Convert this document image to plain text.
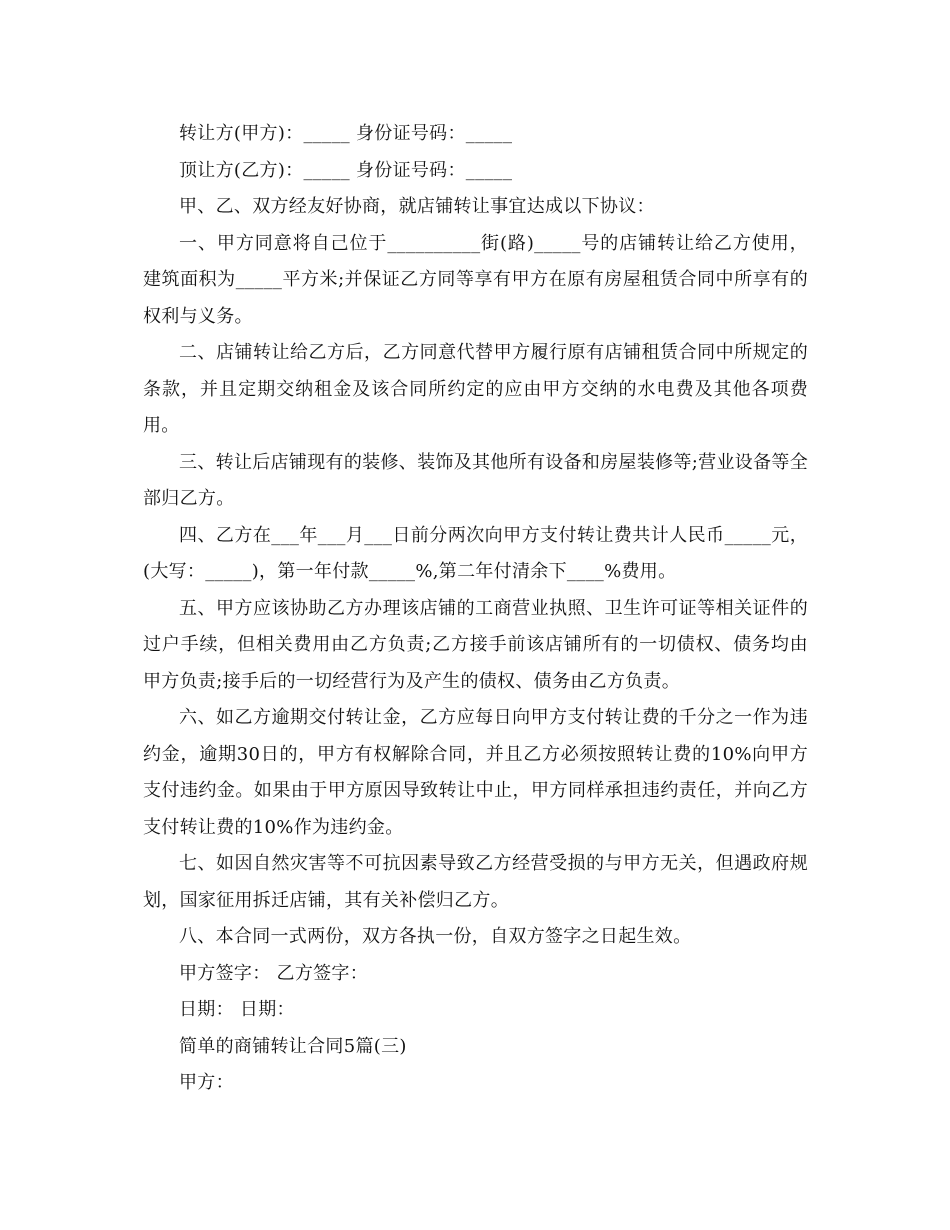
转让方(甲方)：_____ 身份证号码：_____

顶让方(乙方)：_____ 身份证号码：_____

甲、乙、双方经友好协商，就店铺转让事宜达成以下协议：

一、甲方同意将自己位于__________街(路)_____号的店铺转让给乙方使用，建筑面积为_____平方米;并保证乙方同等享有甲方在原有房屋租赁合同中所享有的权利与义务。

二、店铺转让给乙方后，乙方同意代替甲方履行原有店铺租赁合同中所规定的条款，并且定期交纳租金及该合同所约定的应由甲方交纳的水电费及其他各项费用。

三、转让后店铺现有的装修、装饰及其他所有设备和房屋装修等;营业设备等全部归乙方。

四、乙方在___年___月___日前分两次向甲方支付转让费共计人民币_____元，(大写：_____)，第一年付款_____%,第二年付清余下____%费用。

五、甲方应该协助乙方办理该店铺的工商营业执照、卫生许可证等相关证件的过户手续，但相关费用由乙方负责;乙方接手前该店铺所有的一切债权、债务均由甲方负责;接手后的一切经营行为及产生的债权、债务由乙方负责。

六、如乙方逾期交付转让金，乙方应每日向甲方支付转让费的千分之一作为违约金，逾期30日的，甲方有权解除合同，并且乙方必须按照转让费的10%向甲方支付违约金。如果由于甲方原因导致转让中止，甲方同样承担违约责任，并向乙方支付转让费的10%作为违约金。

七、如因自然灾害等不可抗因素导致乙方经营受损的与甲方无关，但遇政府规划，国家征用拆迁店铺，其有关补偿归乙方。

八、本合同一式两份，双方各执一份，自双方签字之日起生效。

甲方签字： 乙方签字：

日期： 日期：

简单的商铺转让合同5篇(三)

甲方：
